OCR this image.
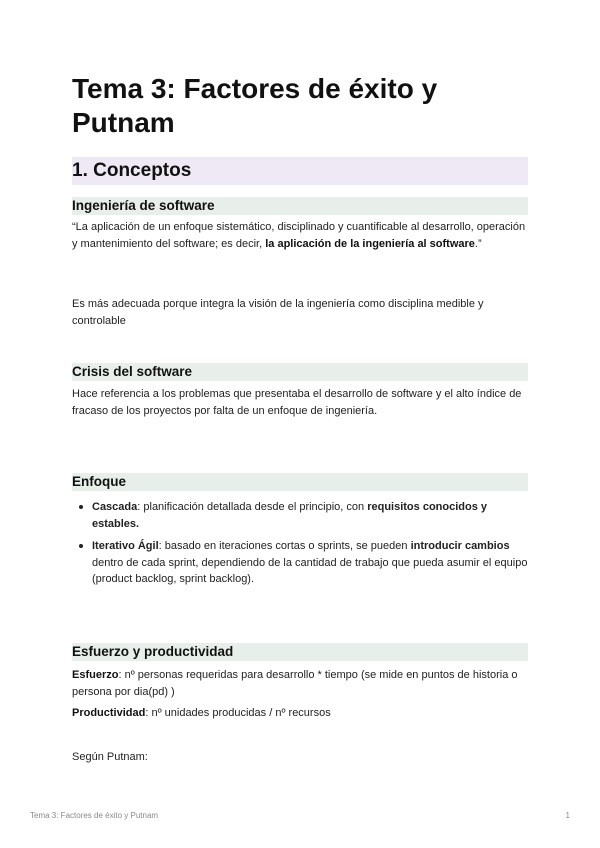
Tema 3: Factores de éxito y Putnam
1. Conceptos
Ingeniería de software

“La aplicación de un enfoque sistemático, disciplinado y cuantificable al desarrollo, operación y mantenimiento del software; es decir, la aplicación de la ingeniería al software.”

Es más adecuada porque integra la visión de la ingeniería como disciplina medible y controlable

Crisis del software

Hace referencia a los problemas que presentaba el desarrollo de software y el alto índice de fracaso de los proyectos por falta de un enfoque de ingeniería.

Enfoque
Cascada: planificación detallada desde el principio, con requisitos conocidos y estables.
Iterativo Ágil: basado en iteraciones cortas o sprints, se pueden introducir cambios dentro de cada sprint, dependiendo de la cantidad de trabajo que pueda asumir el equipo (product backlog, sprint backlog).
Esfuerzo y productividad

Esfuerzo: nº personas requeridas para desarrollo * tiempo (se mide en puntos de historia o persona por dia(pd) )

Productividad: nº unidades producidas / nº recursos

Según Putnam:

Tema 3: Factores de éxito y Putnam	1
